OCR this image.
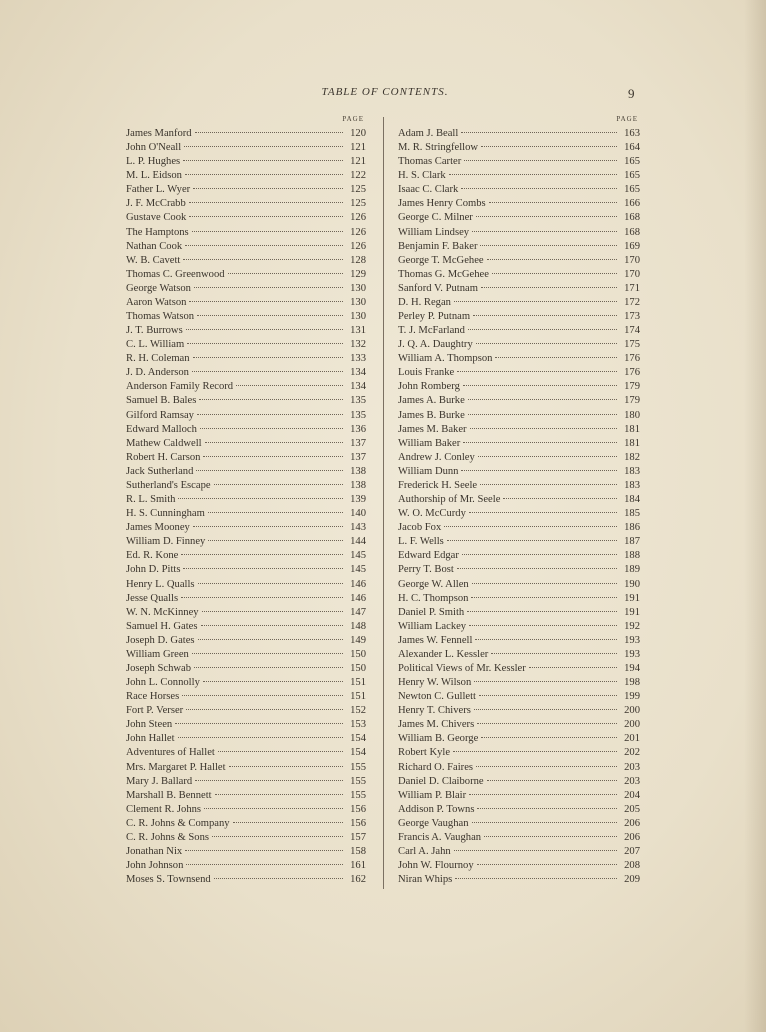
TABLE OF CONTENTS.	9
PAGE
James Manford	120
John O'Neall	121
L. P. Hughes	121
M. L. Eidson	122
Father L. Wyer	125
J. F. McCrabb	125
Gustave Cook	126
The Hamptons	126
Nathan Cook	126
W. B. Cavett	128
Thomas C. Greenwood	129
George Watson	130
Aaron Watson	130
Thomas Watson	130
J. T. Burrows	131
C. L. William	132
R. H. Coleman	133
J. D. Anderson	134
Anderson Family Record	134
Samuel B. Bales	135
Gilford Ramsay	135
Edward Malloch	136
Mathew Caldwell	137
Robert H. Carson	137
Jack Sutherland	138
Sutherland's Escape	138
R. L. Smith	139
H. S. Cunningham	140
James Mooney	143
William D. Finney	144
Ed. R. Kone	145
John D. Pitts	145
Henry L. Qualls	146
Jesse Qualls	146
W. N. McKinney	147
Samuel H. Gates	148
Joseph D. Gates	149
William Green	150
Joseph Schwab	150
John L. Connolly	151
Race Horses	151
Fort P. Verser	152
John Steen	153
John Hallet	154
Adventures of Hallet	154
Mrs. Margaret P. Hallet	155
Mary J. Ballard	155
Marshall B. Bennett	155
Clement R. Johns	156
C. R. Johns & Company	156
C. R. Johns & Sons	157
Jonathan Nix	158
John Johnson	161
Moses S. Townsend	162
PAGE
Adam J. Beall	163
M. R. Stringfellow	164
Thomas Carter	165
H. S. Clark	165
Isaac C. Clark	165
James Henry Combs	166
George C. Milner	168
William Lindsey	168
Benjamin F. Baker	169
George T. McGehee	170
Thomas G. McGehee	170
Sanford V. Putnam	171
D. H. Regan	172
Perley P. Putnam	173
T. J. McFarland	174
J. Q. A. Daughtry	175
William A. Thompson	176
Louis Franke	176
John Romberg	179
James A. Burke	179
James B. Burke	180
James M. Baker	181
William Baker	181
Andrew J. Conley	182
William Dunn	183
Frederick H. Seele	183
Authorship of Mr. Seele	184
W. O. McCurdy	185
Jacob Fox	186
L. F. Wells	187
Edward Edgar	188
Perry T. Bost	189
George W. Allen	190
H. C. Thompson	191
Daniel P. Smith	191
William Lackey	192
James W. Fennell	193
Alexander L. Kessler	193
Political Views of Mr. Kessler	194
Henry W. Wilson	198
Newton C. Gullett	199
Henry T. Chivers	200
James M. Chivers	200
William B. George	201
Robert Kyle	202
Richard O. Faires	203
Daniel D. Claiborne	203
William P. Blair	204
Addison P. Towns	205
George Vaughan	206
Francis A. Vaughan	206
Carl A. Jahn	207
John W. Flournoy	208
Niran Whips	209
